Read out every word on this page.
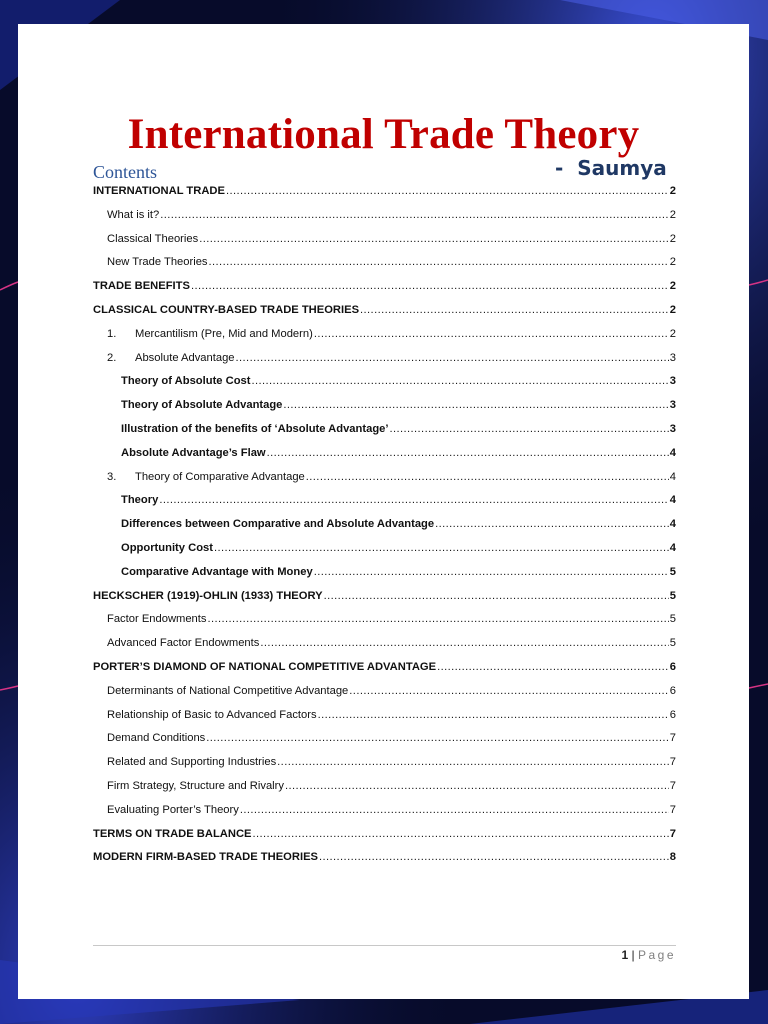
International Trade Theory
Contents	-  Saumya
INTERNATIONAL TRADE .....	2
What is it? .....	2
Classical Theories .....	2
New Trade Theories .....	2
TRADE BENEFITS .....	2
CLASSICAL COUNTRY-BASED TRADE THEORIES .....	2
1.	Mercantilism (Pre, Mid and Modern) .....	2
2.	Absolute Advantage .....	3
Theory of Absolute Cost .....	3
Theory of Absolute Advantage .....	3
Illustration of the benefits of ‘Absolute Advantage’ .....	3
Absolute Advantage’s Flaw .....	4
3.	Theory of Comparative Advantage .....	4
Theory .....	4
Differences between Comparative and Absolute Advantage .....	4
Opportunity Cost .....	4
Comparative Advantage with Money .....	5
HECKSCHER (1919)-OHLIN (1933) THEORY .....	5
Factor Endowments .....	5
Advanced Factor Endowments .....	5
PORTER’S DIAMOND OF NATIONAL COMPETITIVE ADVANTAGE .....	6
Determinants of National Competitive Advantage .....	6
Relationship of Basic to Advanced Factors .....	6
Demand Conditions .....	7
Related and Supporting Industries .....	7
Firm Strategy, Structure and Rivalry .....	7
Evaluating Porter’s Theory .....	7
TERMS ON TRADE BALANCE .....	7
MODERN FIRM-BASED TRADE THEORIES .....	8
1 | Page
